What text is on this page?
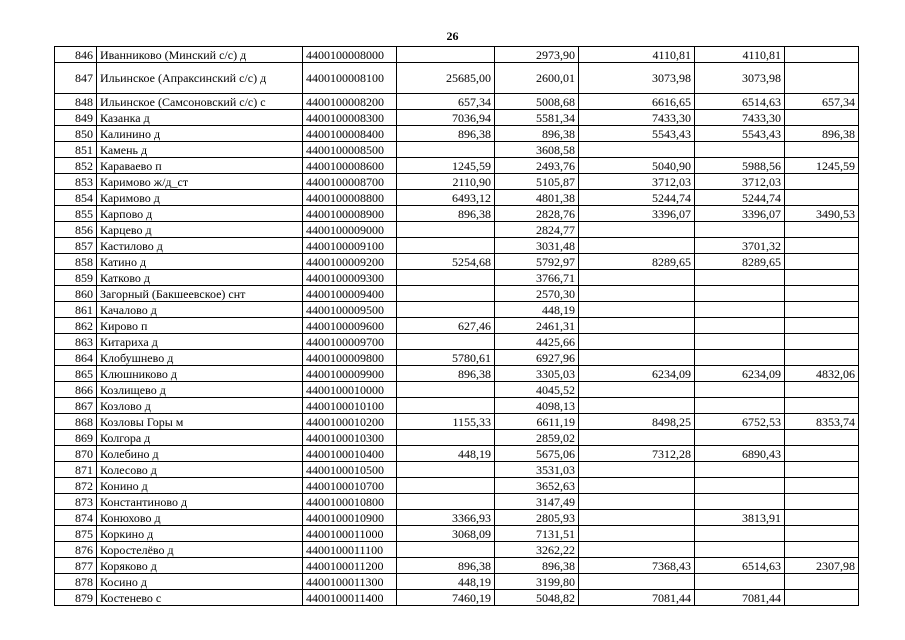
26
846	Иванниково (Минский с/с) д	4400100008000		2973,90	4110,81	4110,81	
847	Ильинское (Апраксинский с/с) д	4400100008100	25685,00	2600,01	3073,98	3073,98	
848	Ильинское (Самсоновский с/с) с	4400100008200	657,34	5008,68	6616,65	6514,63	657,34
849	Казанка д	4400100008300	7036,94	5581,34	7433,30	7433,30	
850	Калинино д	4400100008400	896,38	896,38	5543,43	5543,43	896,38
851	Камень д	4400100008500		3608,58			
852	Караваево п	4400100008600	1245,59	2493,76	5040,90	5988,56	1245,59
853	Каримово ж/д_ст	4400100008700	2110,90	5105,87	3712,03	3712,03	
854	Каримово д	4400100008800	6493,12	4801,38	5244,74	5244,74	
855	Карпово д	4400100008900	896,38	2828,76	3396,07	3396,07	3490,53
856	Карцево д	4400100009000		2824,77			
857	Кастилово д	4400100009100		3031,48		3701,32	
858	Катино д	4400100009200	5254,68	5792,97	8289,65	8289,65	
859	Катково д	4400100009300		3766,71			
860	Загорный (Бакшеевское) снт	4400100009400		2570,30			
861	Качалово д	4400100009500		448,19			
862	Кирово п	4400100009600	627,46	2461,31			
863	Китариха д	4400100009700		4425,66			
864	Клобушнево д	4400100009800	5780,61	6927,96			
865	Клюшниково д	4400100009900	896,38	3305,03	6234,09	6234,09	4832,06
866	Козлищево д	4400100010000		4045,52			
867	Козлово д	4400100010100		4098,13			
868	Козловы Горы м	4400100010200	1155,33	6611,19	8498,25	6752,53	8353,74
869	Колгора д	4400100010300		2859,02			
870	Колебино д	4400100010400	448,19	5675,06	7312,28	6890,43	
871	Колесово д	4400100010500		3531,03			
872	Конино д	4400100010700		3652,63			
873	Константиново д	4400100010800		3147,49			
874	Конюхово д	4400100010900	3366,93	2805,93		3813,91	
875	Коркино д	4400100011000	3068,09	7131,51			
876	Коростелёво д	4400100011100		3262,22			
877	Коряково д	4400100011200	896,38	896,38	7368,43	6514,63	2307,98
878	Косино д	4400100011300	448,19	3199,80			
879	Костенево с	4400100011400	7460,19	5048,82	7081,44	7081,44	
